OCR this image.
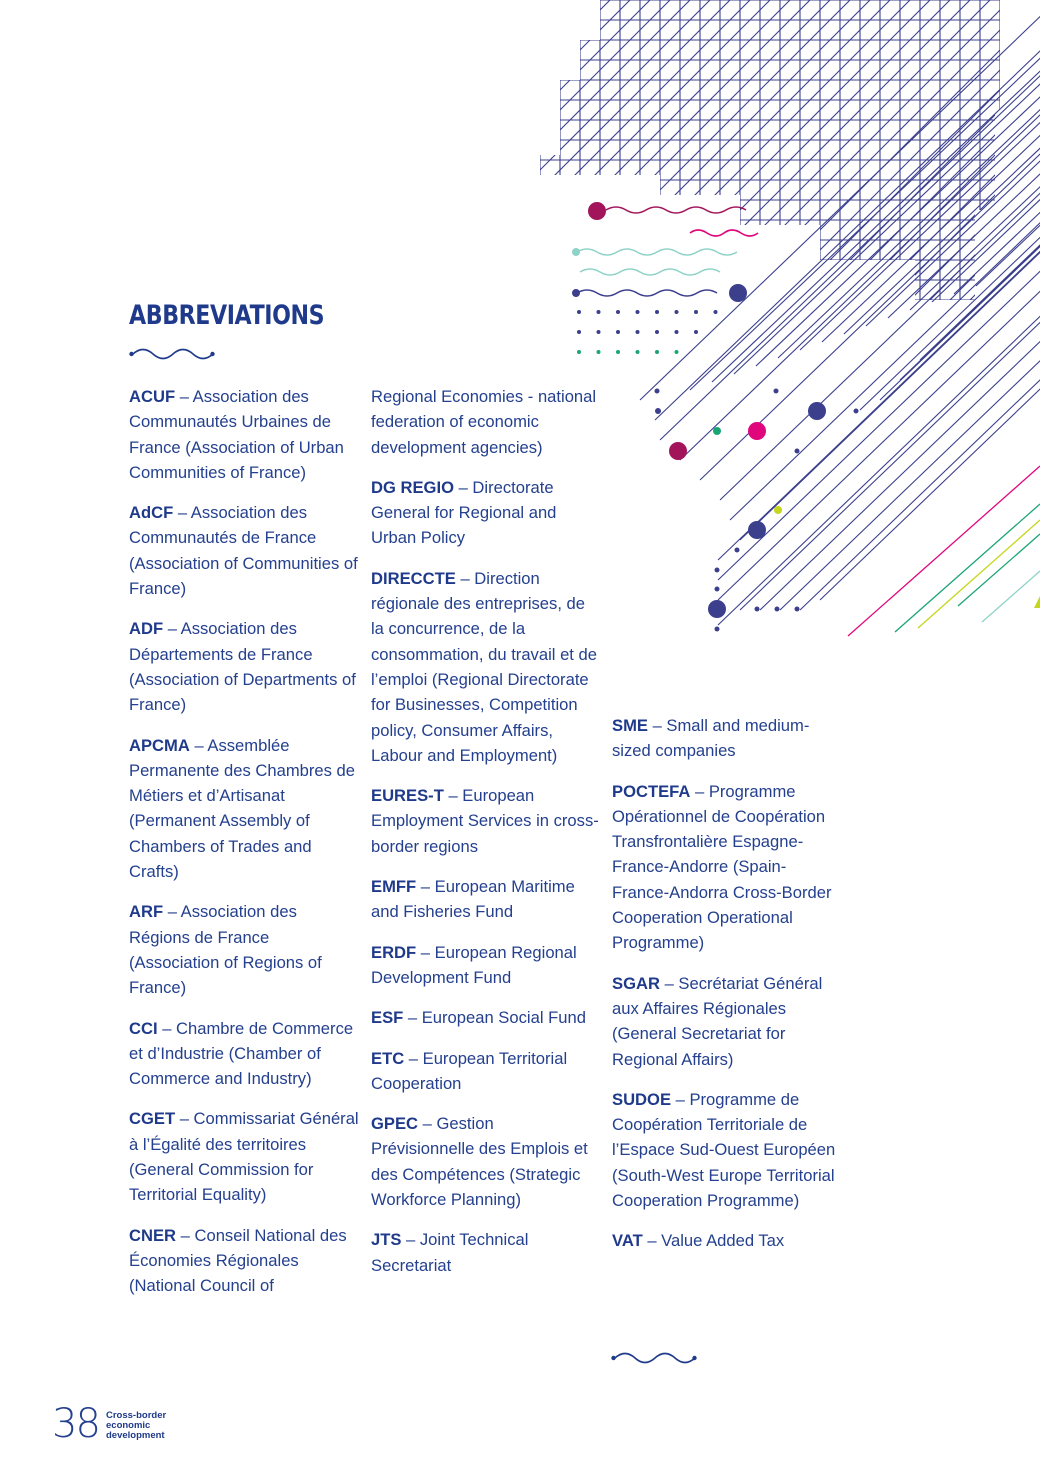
ABBREVIATIONS

ACUF – Association des Communautés Urbaines de France (Association of Urban Communities of France)

AdCF – Association des Communautés de France (Association of Communities of France)

ADF – Association des Départements de France (Association of Departments of France)

APCMA – Assemblée Permanente des Chambres de Métiers et d’Artisanat (Permanent Assembly of Chambers of Trades and Crafts)

ARF – Association des Régions de France (Association of Regions of France)

CCI – Chambre de Commerce et d’Industrie (Chamber of Commerce and Industry)

CGET – Commissariat Général à l’Égalité des territoires (General Commission for Territorial Equality)

CNER – Conseil National des Économies Régionales (National Council of

Regional Economies - national federation of economic development agencies)

DG REGIO – Directorate General for Regional and Urban Policy

DIRECCTE – Direction régionale des entreprises, de la concurrence, de la consommation, du travail et de l’emploi (Regional Directorate for Businesses, Competition policy, Consumer Affairs, Labour and Employment)

EURES-T – European Employment Services in cross-border regions

EMFF – European Maritime and Fisheries Fund

ERDF – European Regional Development Fund

ESF – European Social Fund

ETC – European Territorial Cooperation

GPEC – Gestion Prévisionnelle des Emplois et des Compétences (Strategic Workforce Planning)

JTS – Joint Technical Secretariat

SME – Small and medium-sized companies

POCTEFA – Programme Opérationnel de Coopération Transfrontalière Espagne-France-Andorre (Spain-France-Andorra Cross-Border Cooperation Operational Programme)

SGAR – Secrétariat Général aux Affaires Régionales (General Secretariat for Regional Affairs)

SUDOE – Programme de Coopération Territoriale de l’Espace Sud-Ouest Européen (South-West Europe Territorial Cooperation Programme)

VAT – Value Added Tax

38 Cross-border
economic
development
